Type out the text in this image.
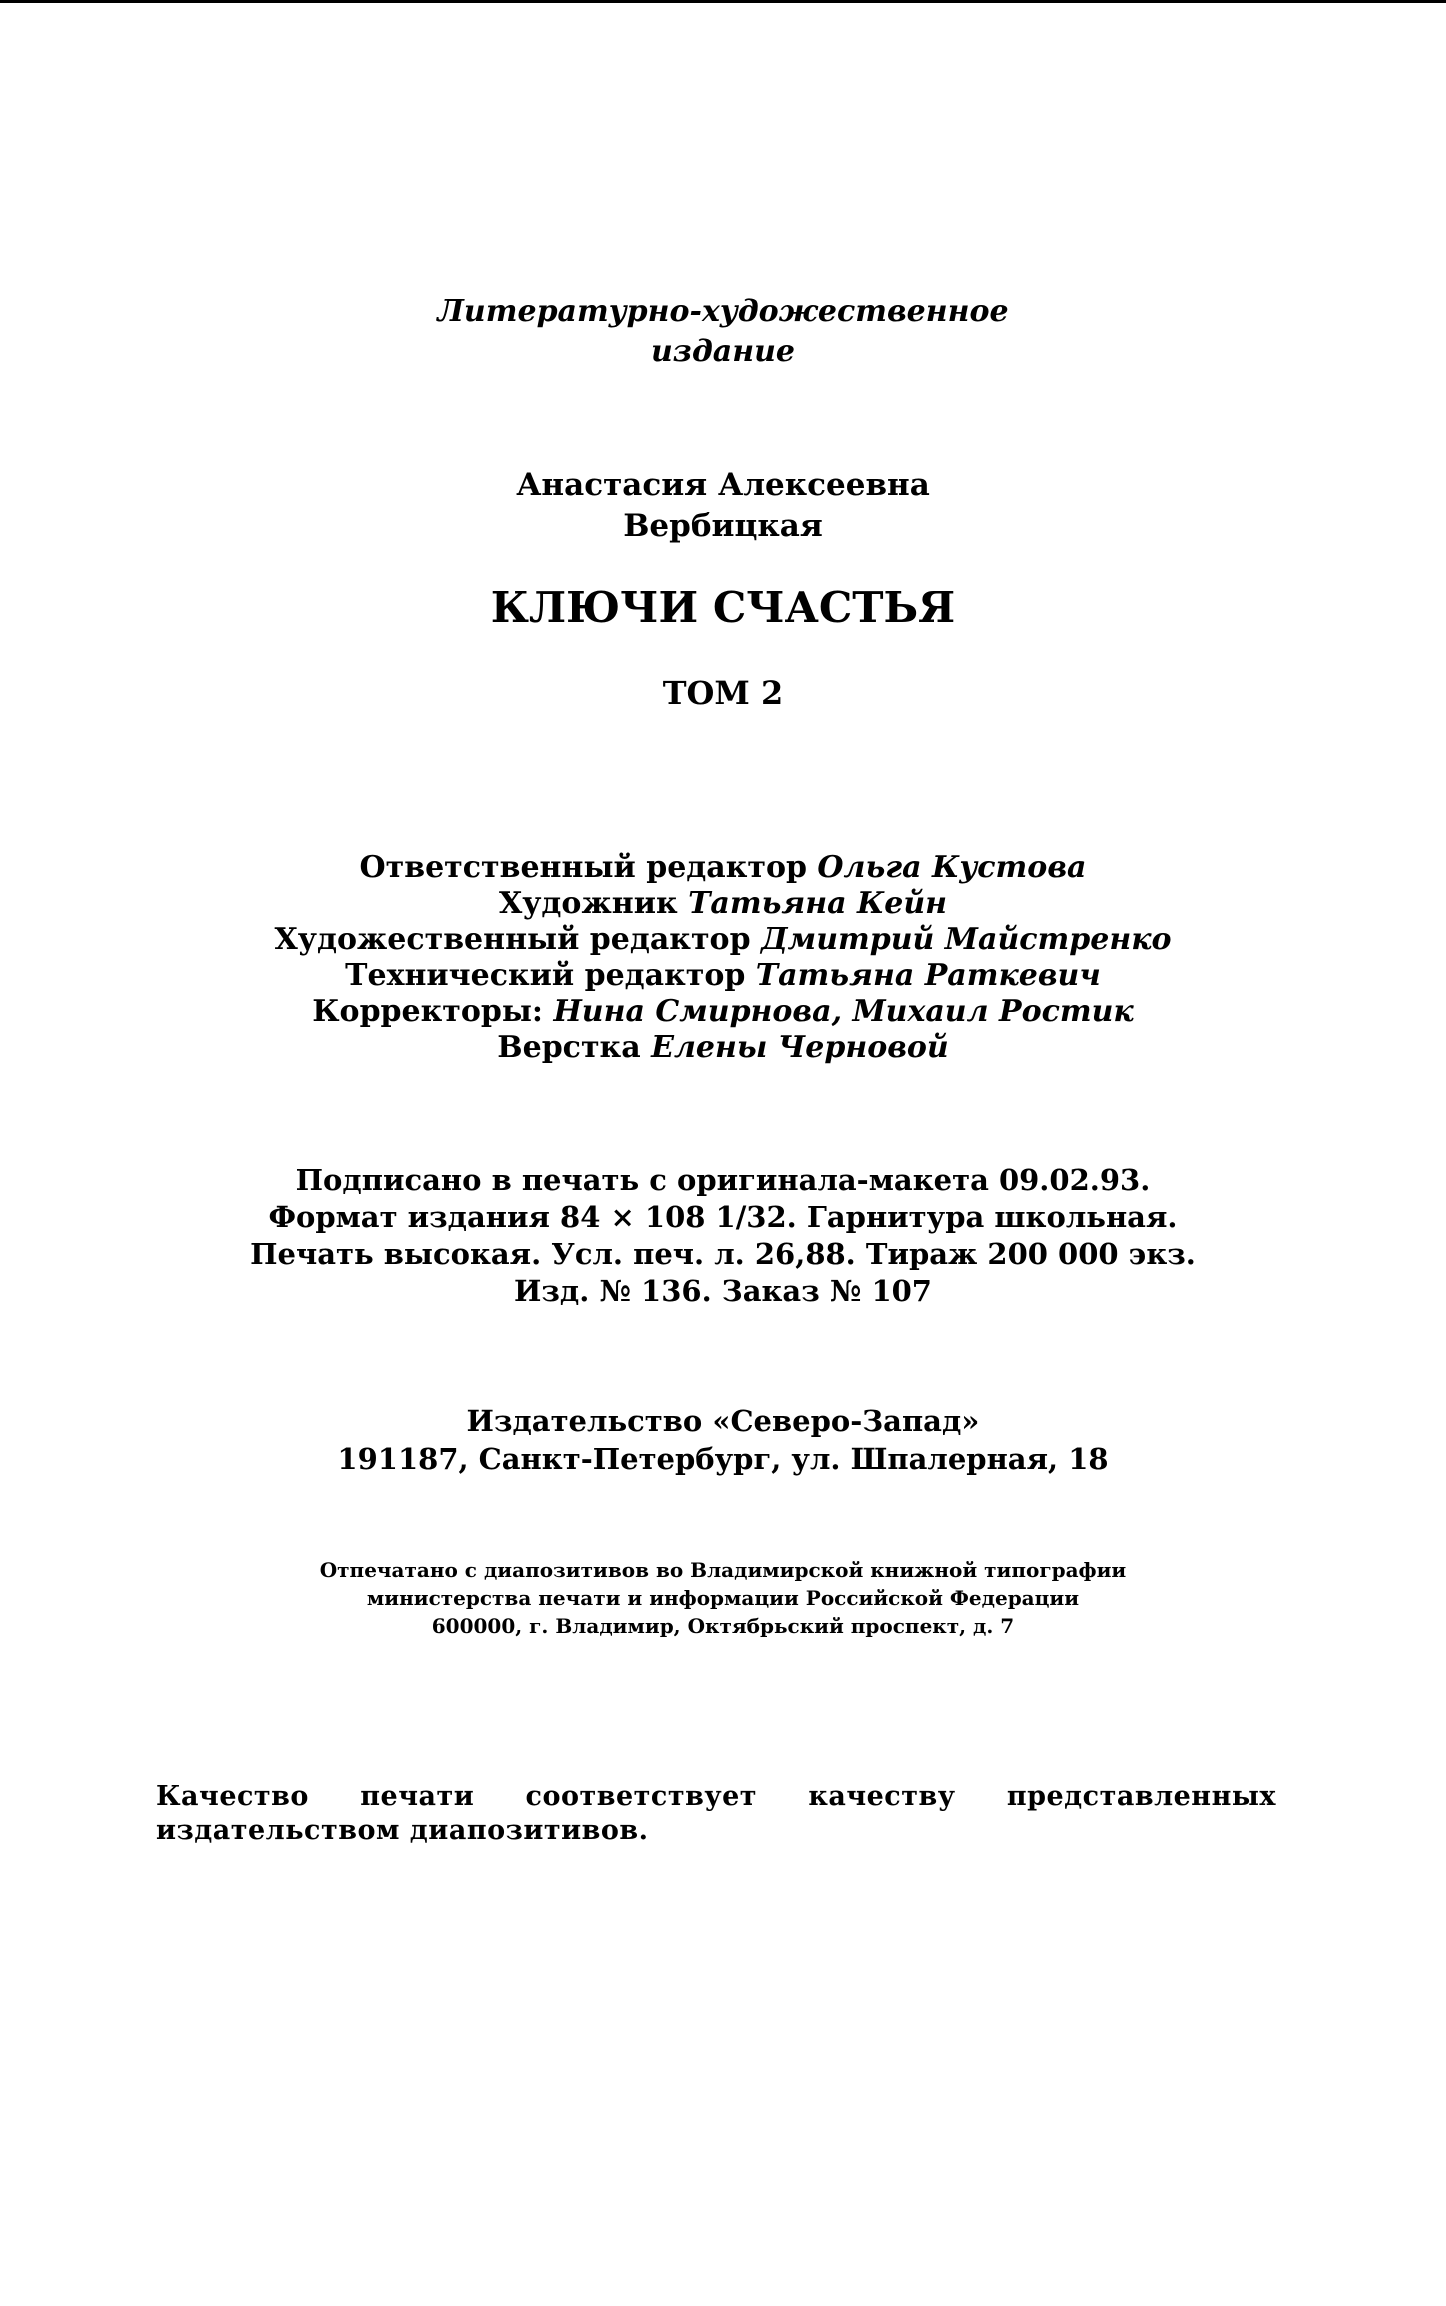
Литературно-художественное
издание
Анастасия Алексеевна
Вербицкая
КЛЮЧИ СЧАСТЬЯ
ТОМ 2
Ответственный редактор Ольга Кустова
Художник Татьяна Кейн
Художественный редактор Дмитрий Майстренко
Технический редактор Татьяна Раткевич
Корректоры: Нина Смирнова, Михаил Ростик
Верстка Елены Черновой
Подписано в печать с оригинала-макета 09.02.93.
Формат издания 84 × 108 1/32. Гарнитура школьная.
Печать высокая. Усл. печ. л. 26,88. Тираж 200 000 экз.
Изд. № 136. Заказ № 107
Издательство «Северо-Запад»
191187, Санкт-Петербург, ул. Шпалерная, 18
Отпечатано с диапозитивов во Владимирской книжной типографии
министерства печати и информации Российской Федерации
600000, г. Владимир, Октябрьский проспект, д. 7
Качество печати соответствует качеству представленных издательством диапозитивов.
